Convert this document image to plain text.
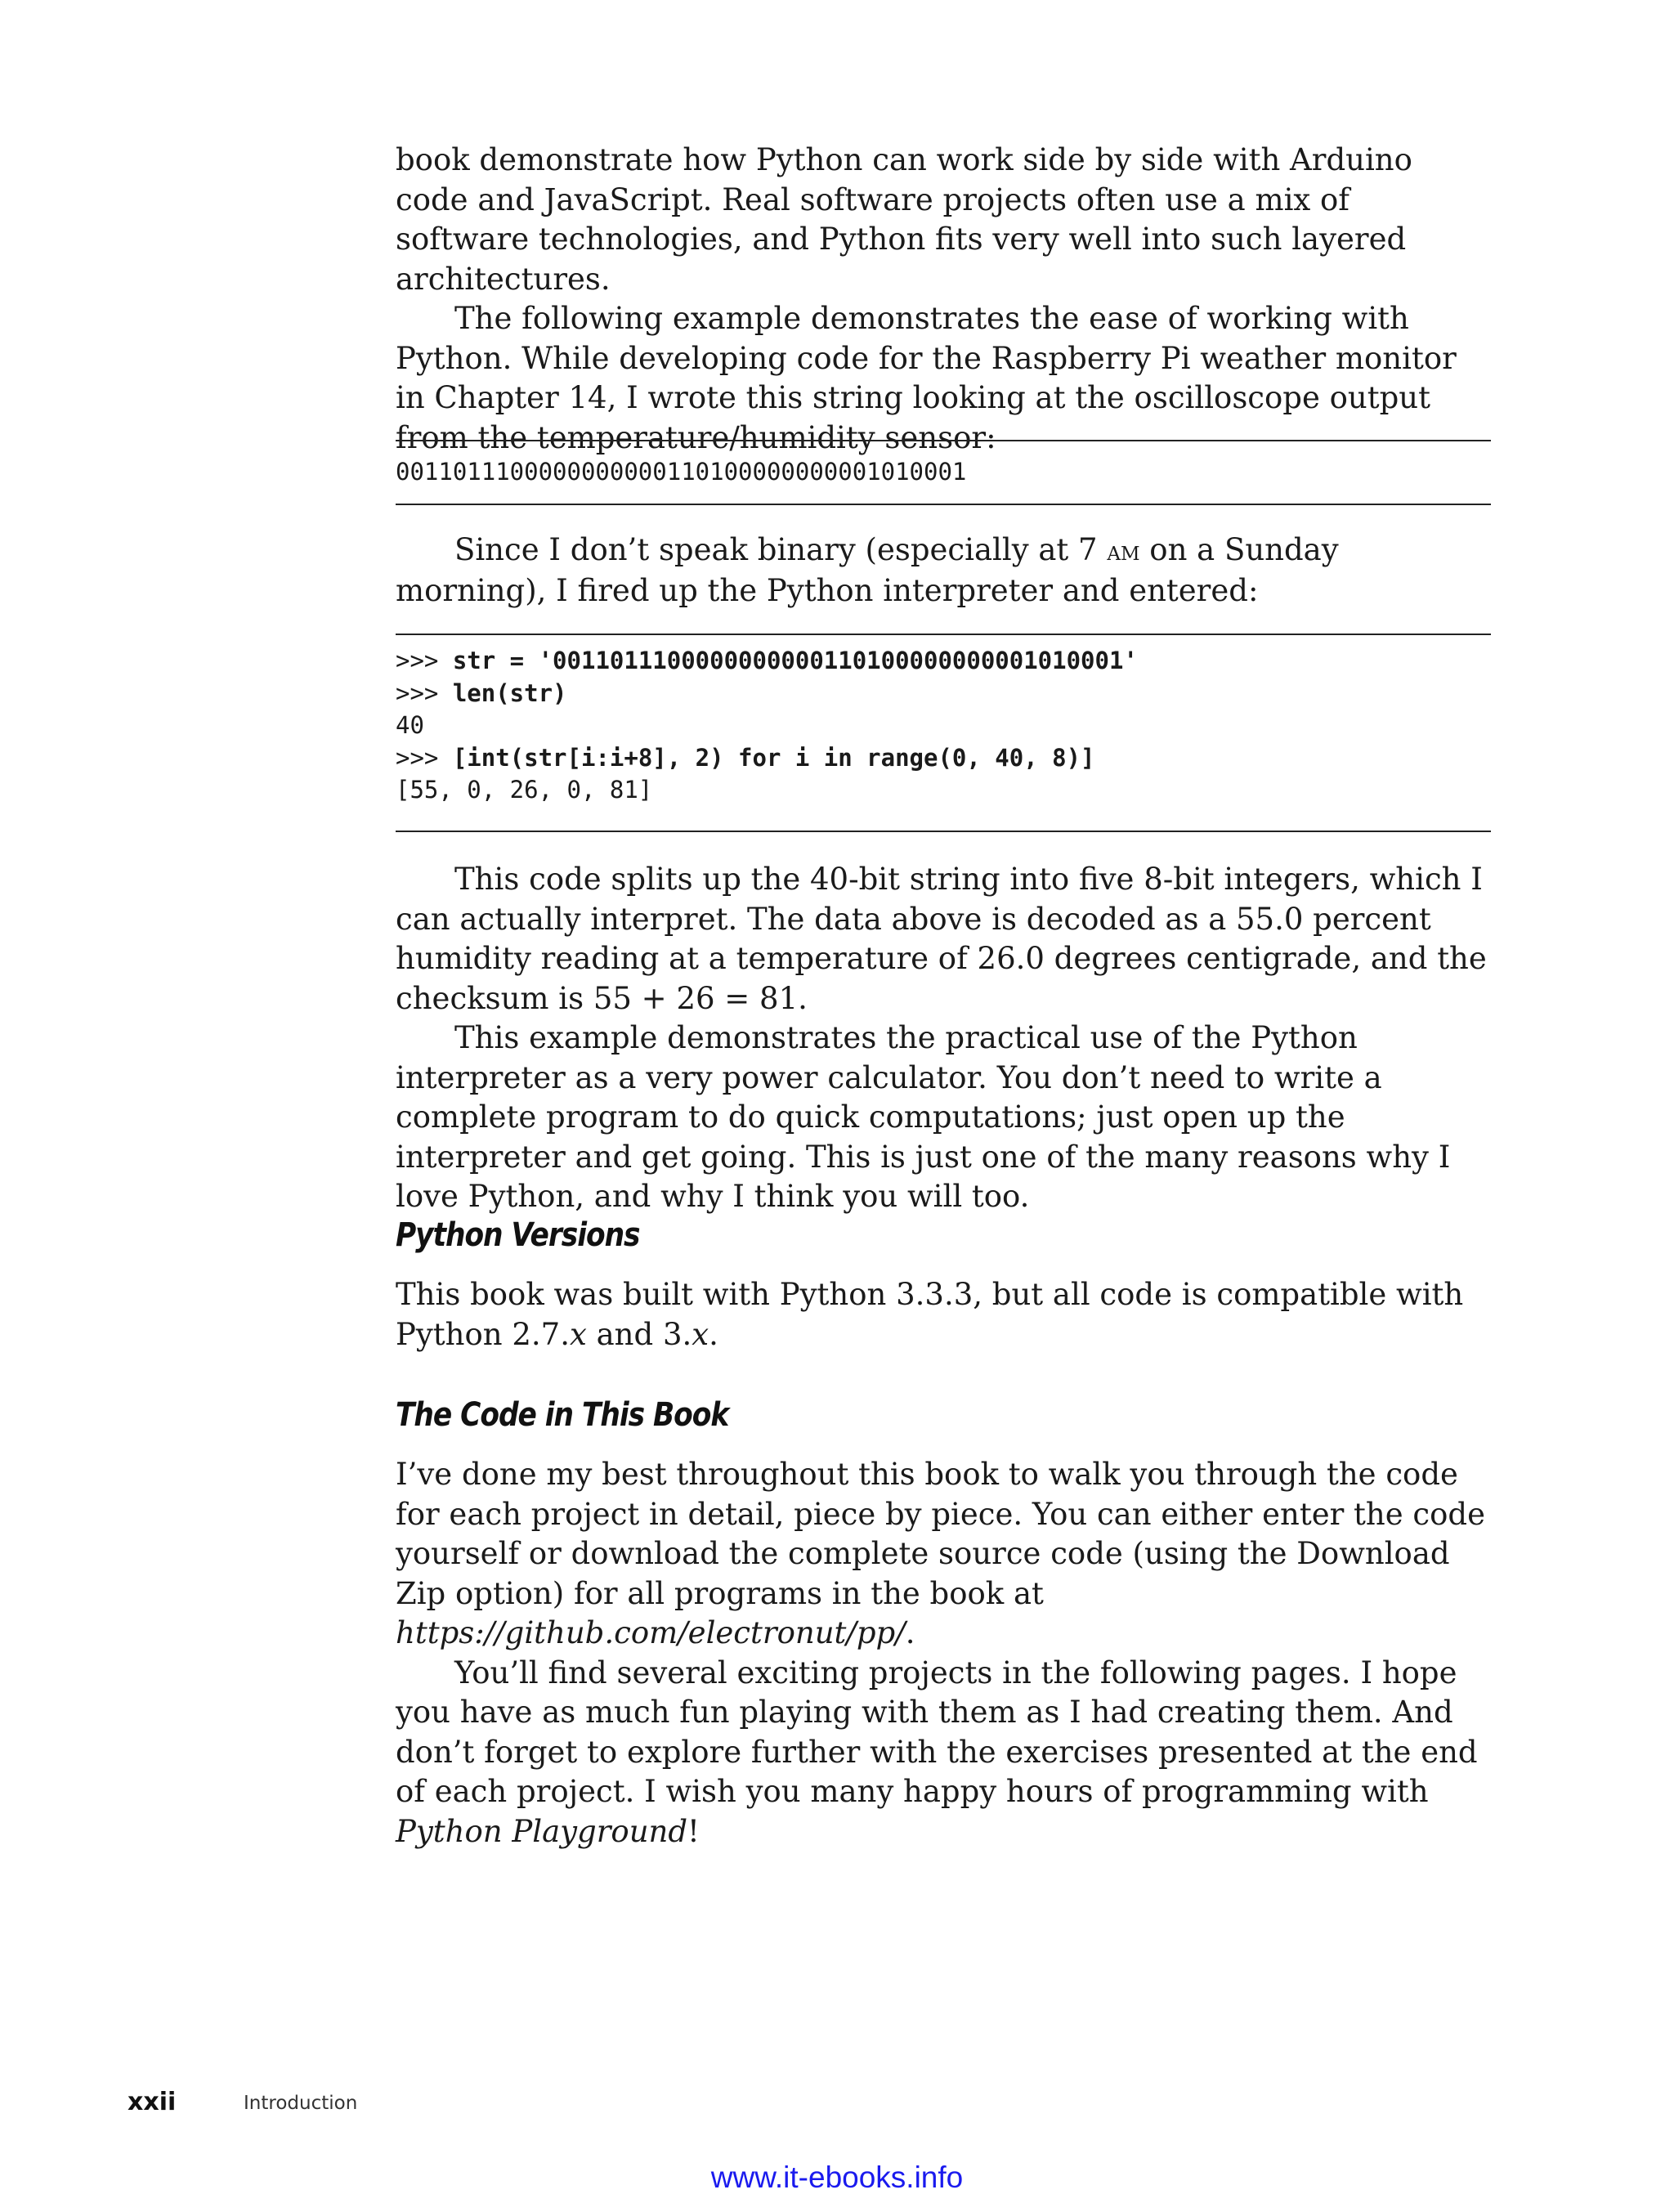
book demonstrate how Python can work side by side with Arduino code and JavaScript. Real software projects often use a mix of software technologies, and Python fits very well into such layered architectures.

The following example demonstrates the ease of working with Python. While developing code for the Raspberry Pi weather monitor in Chapter 14, I wrote this string looking at the oscilloscope output from the temperature/humidity sensor:

0011011100000000000110100000000001010001

Since I don’t speak binary (especially at 7 am on a Sunday morning), I fired up the Python interpreter and entered:

>>> str = '0011011100000000000110100000000001010001'
>>> len(str)
40
>>> [int(str[i:i+8], 2) for i in range(0, 40, 8)]
[55, 0, 26, 0, 81]

This code splits up the 40-bit string into five 8-bit integers, which I can actually interpret. The data above is decoded as a 55.0 percent humidity reading at a temperature of 26.0 degrees centigrade, and the checksum is 55 + 26 = 81.

This example demonstrates the practical use of the Python interpreter as a very power calculator. You don’t need to write a complete program to do quick computations; just open up the interpreter and get going. This is just one of the many reasons why I love Python, and why I think you will too.

Python Versions

This book was built with Python 3.3.3, but all code is compatible with Python 2.7.x and 3.x.

The Code in This Book

I’ve done my best throughout this book to walk you through the code for each project in detail, piece by piece. You can either enter the code yourself or download the complete source code (using the Download Zip option) for all programs in the book at https://github.com/electronut/pp/.

You’ll find several exciting projects in the following pages. I hope you have as much fun playing with them as I had creating them. And don’t forget to explore further with the exercises presented at the end of each project. I wish you many happy hours of programming with Python Playground!

xxii	Introduction
www.it-ebooks.info
